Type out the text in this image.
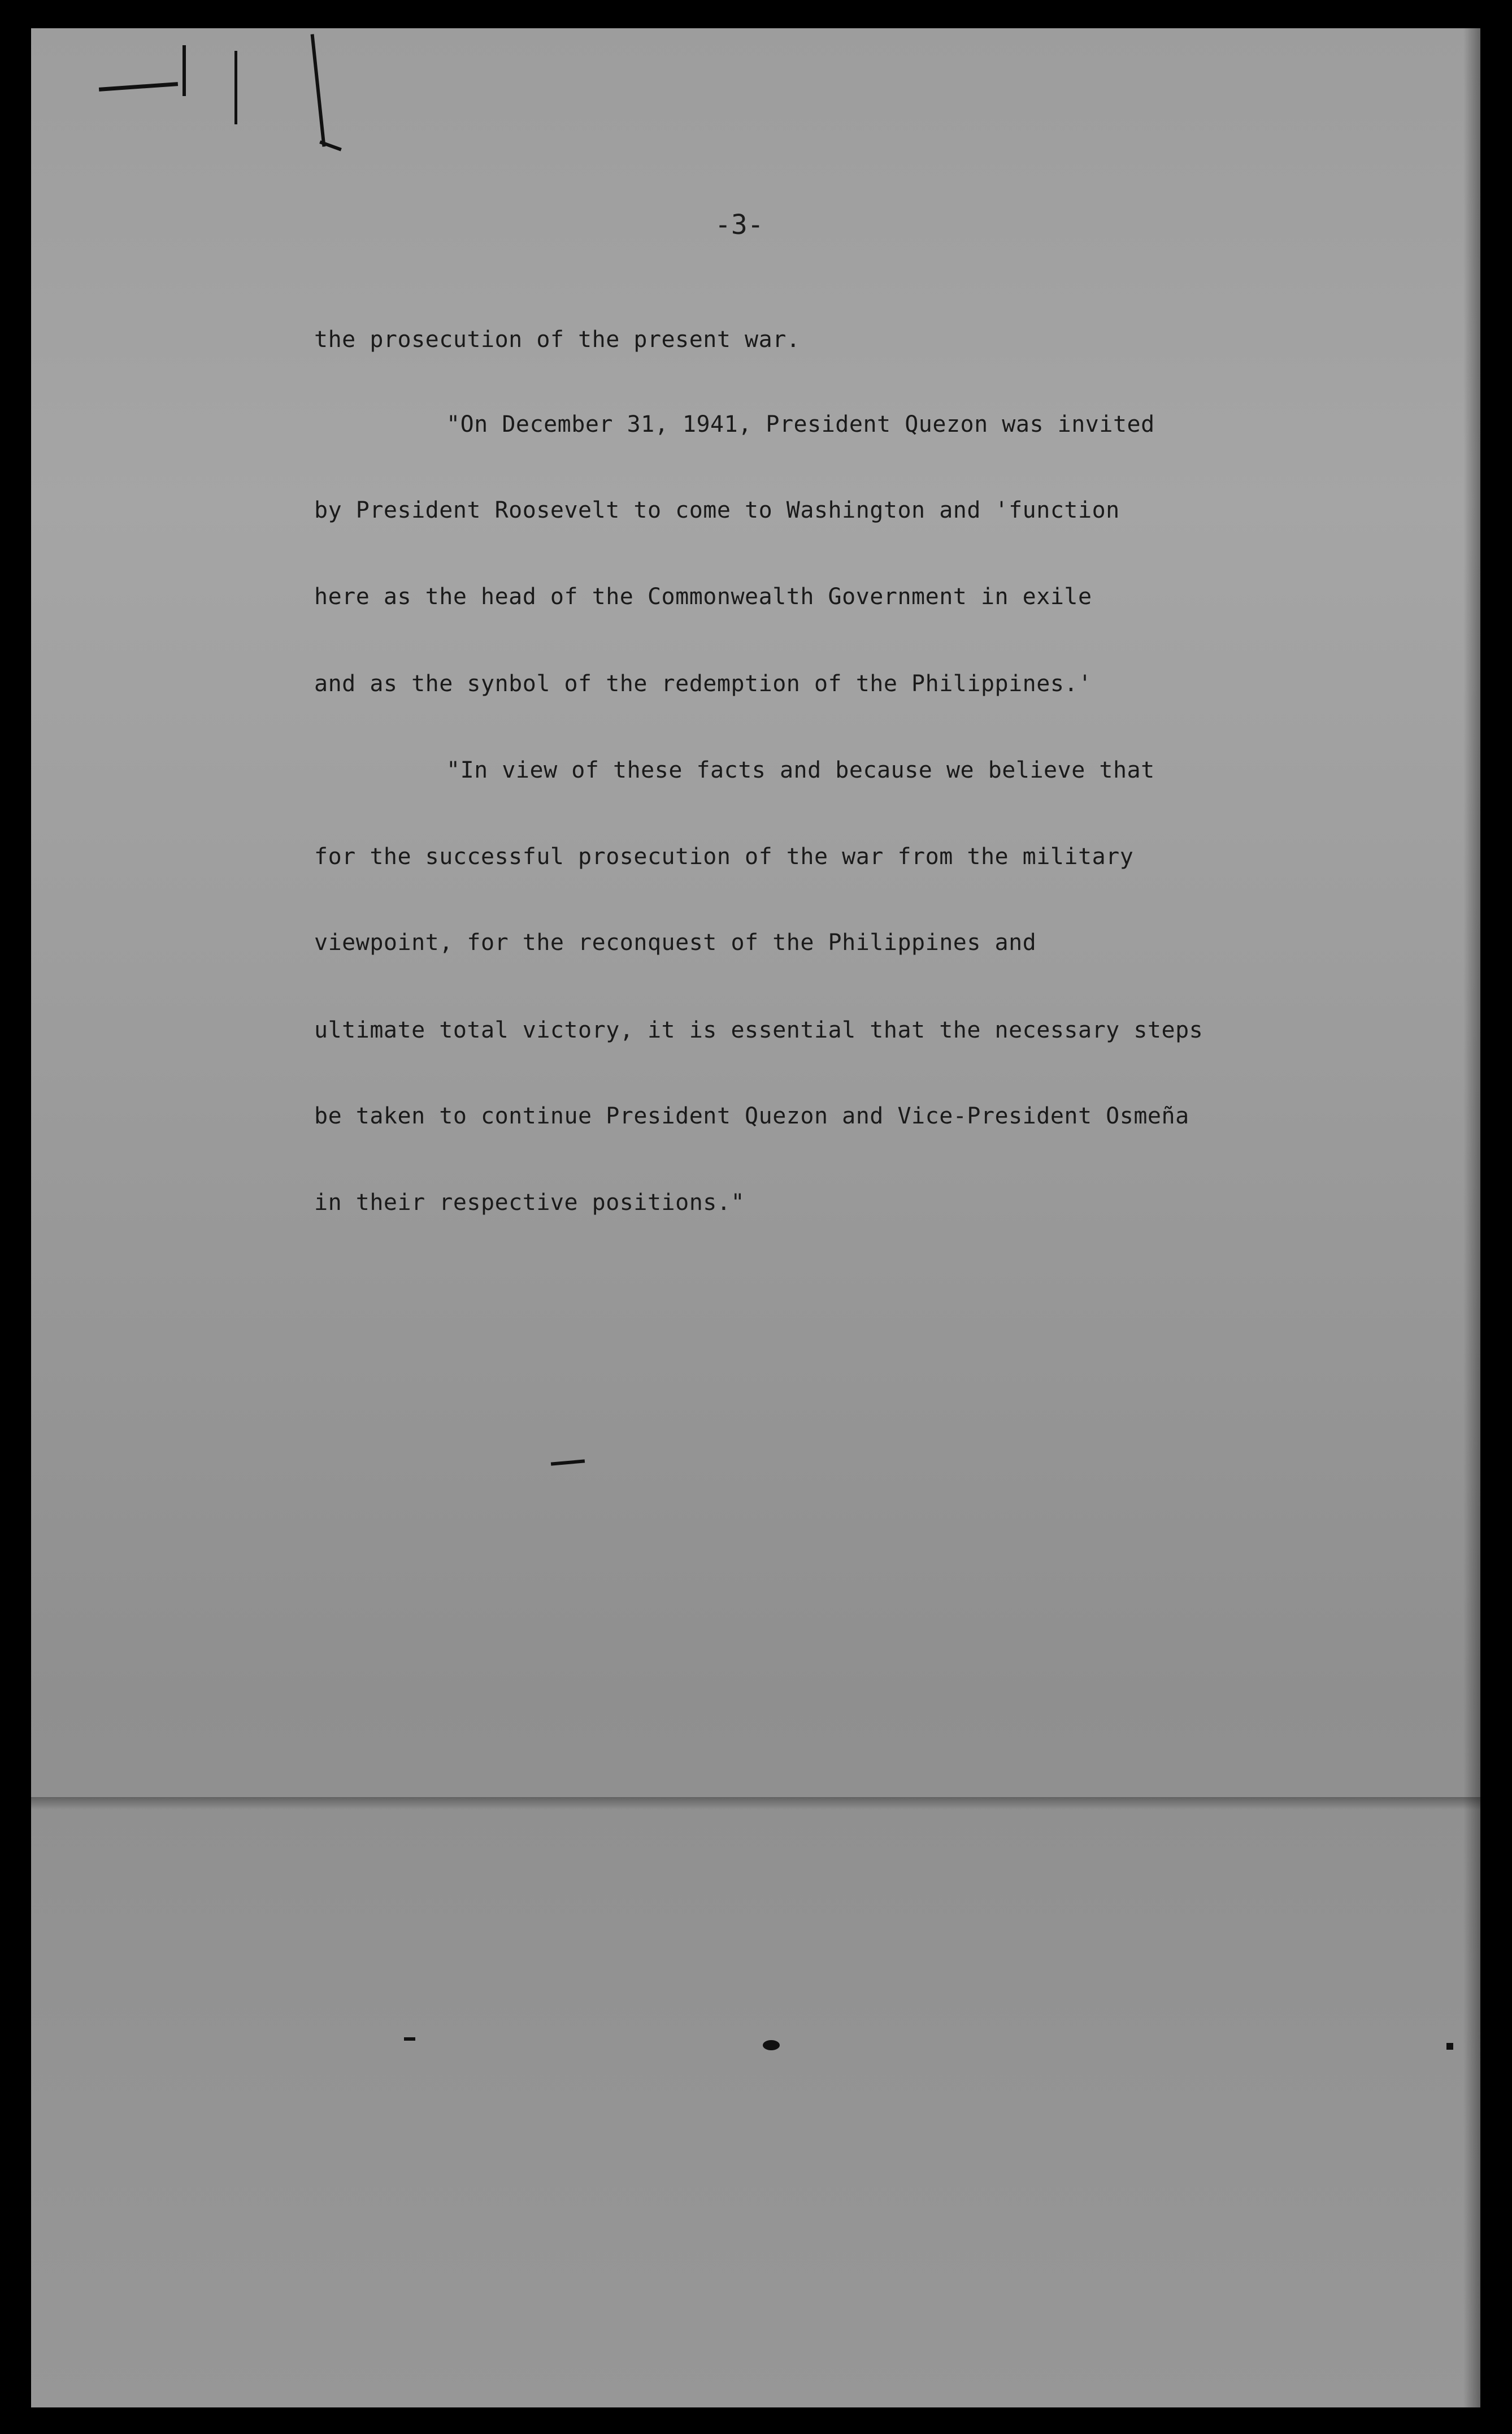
-3-

the prosecution of the present war.

"On December 31, 1941, President Quezon was invited

by President Roosevelt to come to Washington and 'function

here as the head of the Commonwealth Government in exile

and as the synbol of the redemption of the Philippines.'

"In view of these facts and because we believe that

for the successful prosecution of the war from the military

viewpoint, for the reconquest of the Philippines and

ultimate total victory, it is essential that the necessary steps

be taken to continue President Quezon and Vice-President Osmeña

in their respective positions."
